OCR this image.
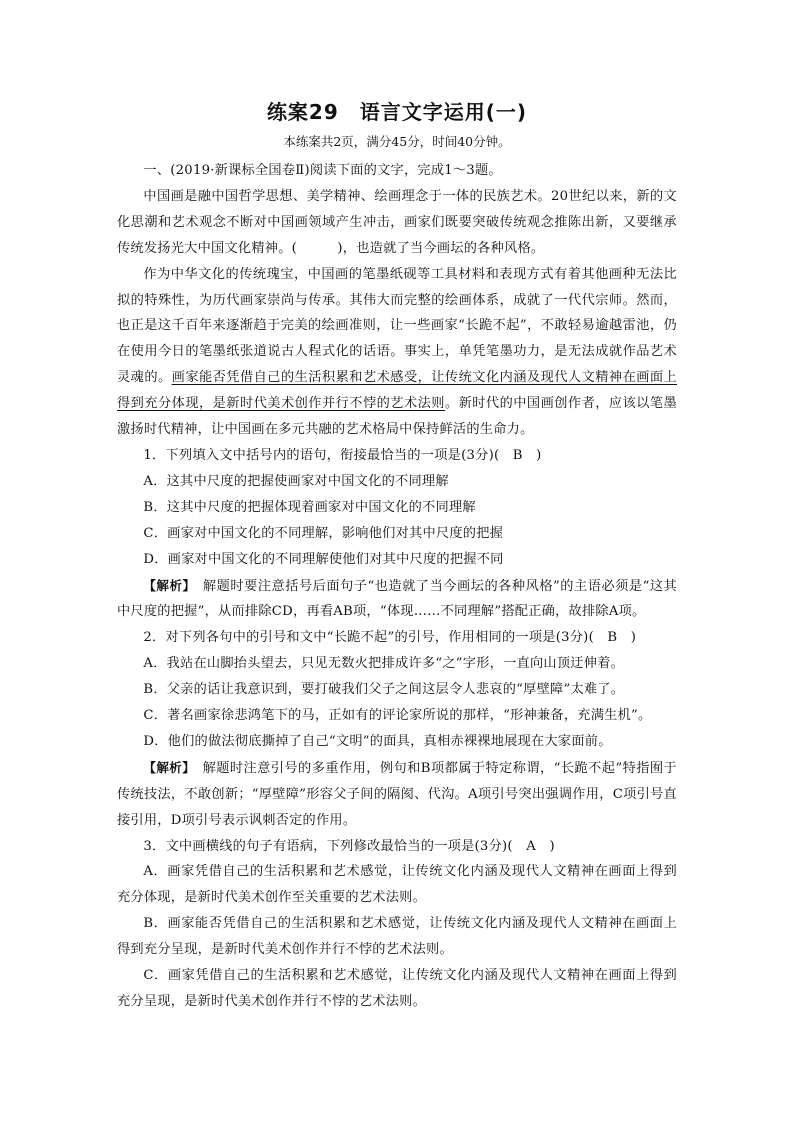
练案29　语言文字运用(一)
本练案共2页，满分45分，时间40分钟。

一、(2019·新课标全国卷Ⅱ)阅读下面的文字，完成1～3题。

中国画是融中国哲学思想、美学精神、绘画理念于一体的民族艺术。20世纪以来，新的文化思潮和艺术观念不断对中国画领域产生冲击，画家们既要突破传统观念推陈出新，又要继承传统发扬光大中国文化精神。(　　　)，也造就了当今画坛的各种风格。

作为中华文化的传统瑰宝，中国画的笔墨纸砚等工具材料和表现方式有着其他画种无法比拟的特殊性，为历代画家崇尚与传承。其伟大而完整的绘画体系，成就了一代代宗师。然而，也正是这千百年来逐渐趋于完美的绘画准则，让一些画家“长跪不起”，不敢轻易逾越雷池，仍在使用今日的笔墨纸张道说古人程式化的话语。事实上，单凭笔墨功力，是无法成就作品艺术灵魂的。画家能否凭借自己的生活积累和艺术感受，让传统文化内涵及现代人文精神在画面上得到充分体现，是新时代美术创作并行不悖的艺术法则。新时代的中国画创作者，应该以笔墨激扬时代精神，让中国画在多元共融的艺术格局中保持鲜活的生命力。

1．下列填入文中括号内的语句，衔接最恰当的一项是(3分)(　B　)

A．这其中尺度的把握使画家对中国文化的不同理解

B．这其中尺度的把握体现着画家对中国文化的不同理解

C．画家对中国文化的不同理解，影响他们对其中尺度的把握

D．画家对中国文化的不同理解使他们对其中尺度的把握不同

【解析】　解题时要注意括号后面句子“也造就了当今画坛的各种风格”的主语必须是“这其中尺度的把握”，从而排除CD，再看AB项，“体现……不同理解”搭配正确，故排除A项。

2．对下列各句中的引号和文中“长跪不起”的引号，作用相同的一项是(3分)(　B　)

A．我站在山脚抬头望去，只见无数火把排成许多“之”字形，一直向山顶迂伸着。

B．父亲的话让我意识到，要打破我们父子之间这层令人悲哀的“厚壁障”太难了。

C．著名画家徐悲鸿笔下的马，正如有的评论家所说的那样，“形神兼备，充满生机”。

D．他们的做法彻底撕掉了自己“文明”的面具，真相赤裸裸地展现在大家面前。

【解析】　解题时注意引号的多重作用，例句和B项都属于特定称谓，“长跪不起”特指囿于传统技法，不敢创新；“厚壁障”形容父子间的隔阂、代沟。A项引号突出强调作用，C项引号直接引用，D项引号表示讽刺否定的作用。

3．文中画横线的句子有语病，下列修改最恰当的一项是(3分)(　A　)

A．画家凭借自己的生活积累和艺术感觉，让传统文化内涵及现代人文精神在画面上得到充分体现，是新时代美术创作至关重要的艺术法则。

B．画家能否凭借自己的生活积累和艺术感觉，让传统文化内涵及现代人文精神在画面上得到充分呈现，是新时代美术创作并行不悖的艺术法则。

C．画家凭借自己的生活积累和艺术感觉，让传统文化内涵及现代人文精神在画面上得到充分呈现，是新时代美术创作并行不悖的艺术法则。
